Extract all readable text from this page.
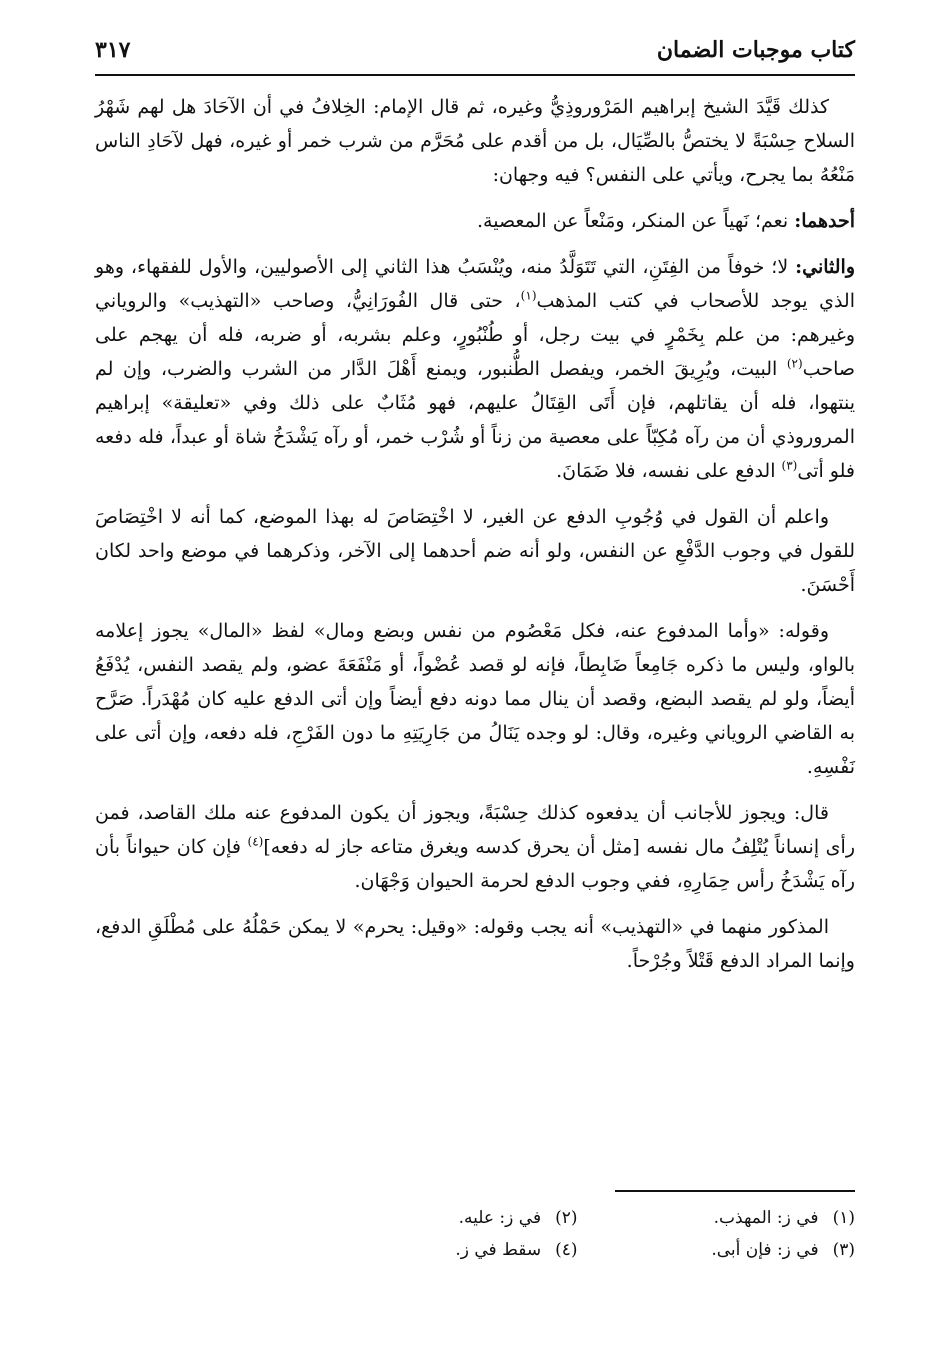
كتاب موجبات الضمان
٣١٧

كذلك قَيَّدَ الشيخ إبراهيم المَرْوروذِيُّ وغيره، ثم قال الإمام: الخِلافُ في أن الآحَادَ هل لهم شَهْرُ السلاح حِسْبَةً لا يختصُّ بالصِّيَال، بل من أقدم على مُحَرَّم من شرب خمر أو غيره، فهل لآحَادِ الناس مَنْعُهُ بما يجرح، ويأتي على النفس؟ فيه وجهان:

أحدهما: نعم؛ نَهياً عن المنكر، ومَنْعاً عن المعصية.

والثاني: لا؛ خوفاً من الفِتَنِ، التي تَتَوَلَّدُ منه، ويُنْسَبُ هذا الثاني إلى الأصوليين، والأول للفقهاء، وهو الذي يوجد للأصحاب في كتب المذهب$^{(١)}$، حتى قال الفُورَانِيُّ، وصاحب «التهذيب» والروياني وغيرهم: من علم بِخَمْرٍ في بيت رجل، أو طُنْبُورٍ، وعلم بشربه، أو ضربه، فله أن يهجم على صاحب$^{(٢)}$ البيت، ويُرِيقَ الخمر، ويفصل الطُّنبور، ويمنع أَهْلَ الدَّار من الشرب والضرب، وإن لم ينتهوا، فله أن يقاتلهم، فإن أَتَى القِتَالُ عليهم، فهو مُثَابٌ على ذلك وفي «تعليقة» إبراهيم المروروذي أن من رآه مُكِبّاً على معصية من زناً أو شُرْب خمر، أو رآه يَشْدَخُ شاة أو عبداً، فله دفعه فلو أتى$^{(٣)}$ الدفع على نفسه، فلا ضَمَانَ.

واعلم أن القول في وُجُوبِ الدفع عن الغير، لا اخْتِصَاصَ له بهذا الموضع، كما أنه لا اخْتِصَاصَ للقول في وجوب الدَّفْعِ عن النفس، ولو أنه ضم أحدهما إلى الآخر، وذكرهما في موضع واحد لكان أَحْسَنَ.

وقوله: «وأما المدفوع عنه، فكل مَعْصُوم من نفس وبضع ومال» لفظ «المال» يجوز إعلامه بالواو، وليس ما ذكره جَامِعاً ضَابِطاً، فإنه لو قصد عُضْواً، أو مَنْفَعَةَ عضو، ولم يقصد النفس، يُدْفَعُ أيضاً، ولو لم يقصد البضع، وقصد أن ينال مما دونه دفع أيضاً وإن أتى الدفع عليه كان مُهْدَراً. صَرَّح به القاضي الروياني وغيره، وقال: لو وجده يَنَالُ من جَارِيَتِهِ ما دون الفَرْجِ، فله دفعه، وإن أتى على نَفْسِهِ.

قال: ويجوز للأجانب أن يدفعوه كذلك حِسْبَةً، ويجوز أن يكون المدفوع عنه ملك القاصد، فمن رأى إنساناً يُتْلِفُ مال نفسه [مثل أن يحرق كدسه ويغرق متاعه جاز له دفعه]$^{(٤)}$ فإن كان حيواناً بأن رآه يَشْدَخُ رأس حِمَارِهِ، ففي وجوب الدفع لحرمة الحيوان وَجْهَان.

المذكور منهما في «التهذيب» أنه يجب وقوله: «وقيل: يحرم» لا يمكن حَمْلُهُ على مُطْلَقِ الدفع، وإنما المراد الدفع قَتْلاً وجُرْحاً.

(١)في ز: المهذب.
(٢)في ز: عليه.
(٣)في ز: فإن أبى.
(٤)سقط في ز.
